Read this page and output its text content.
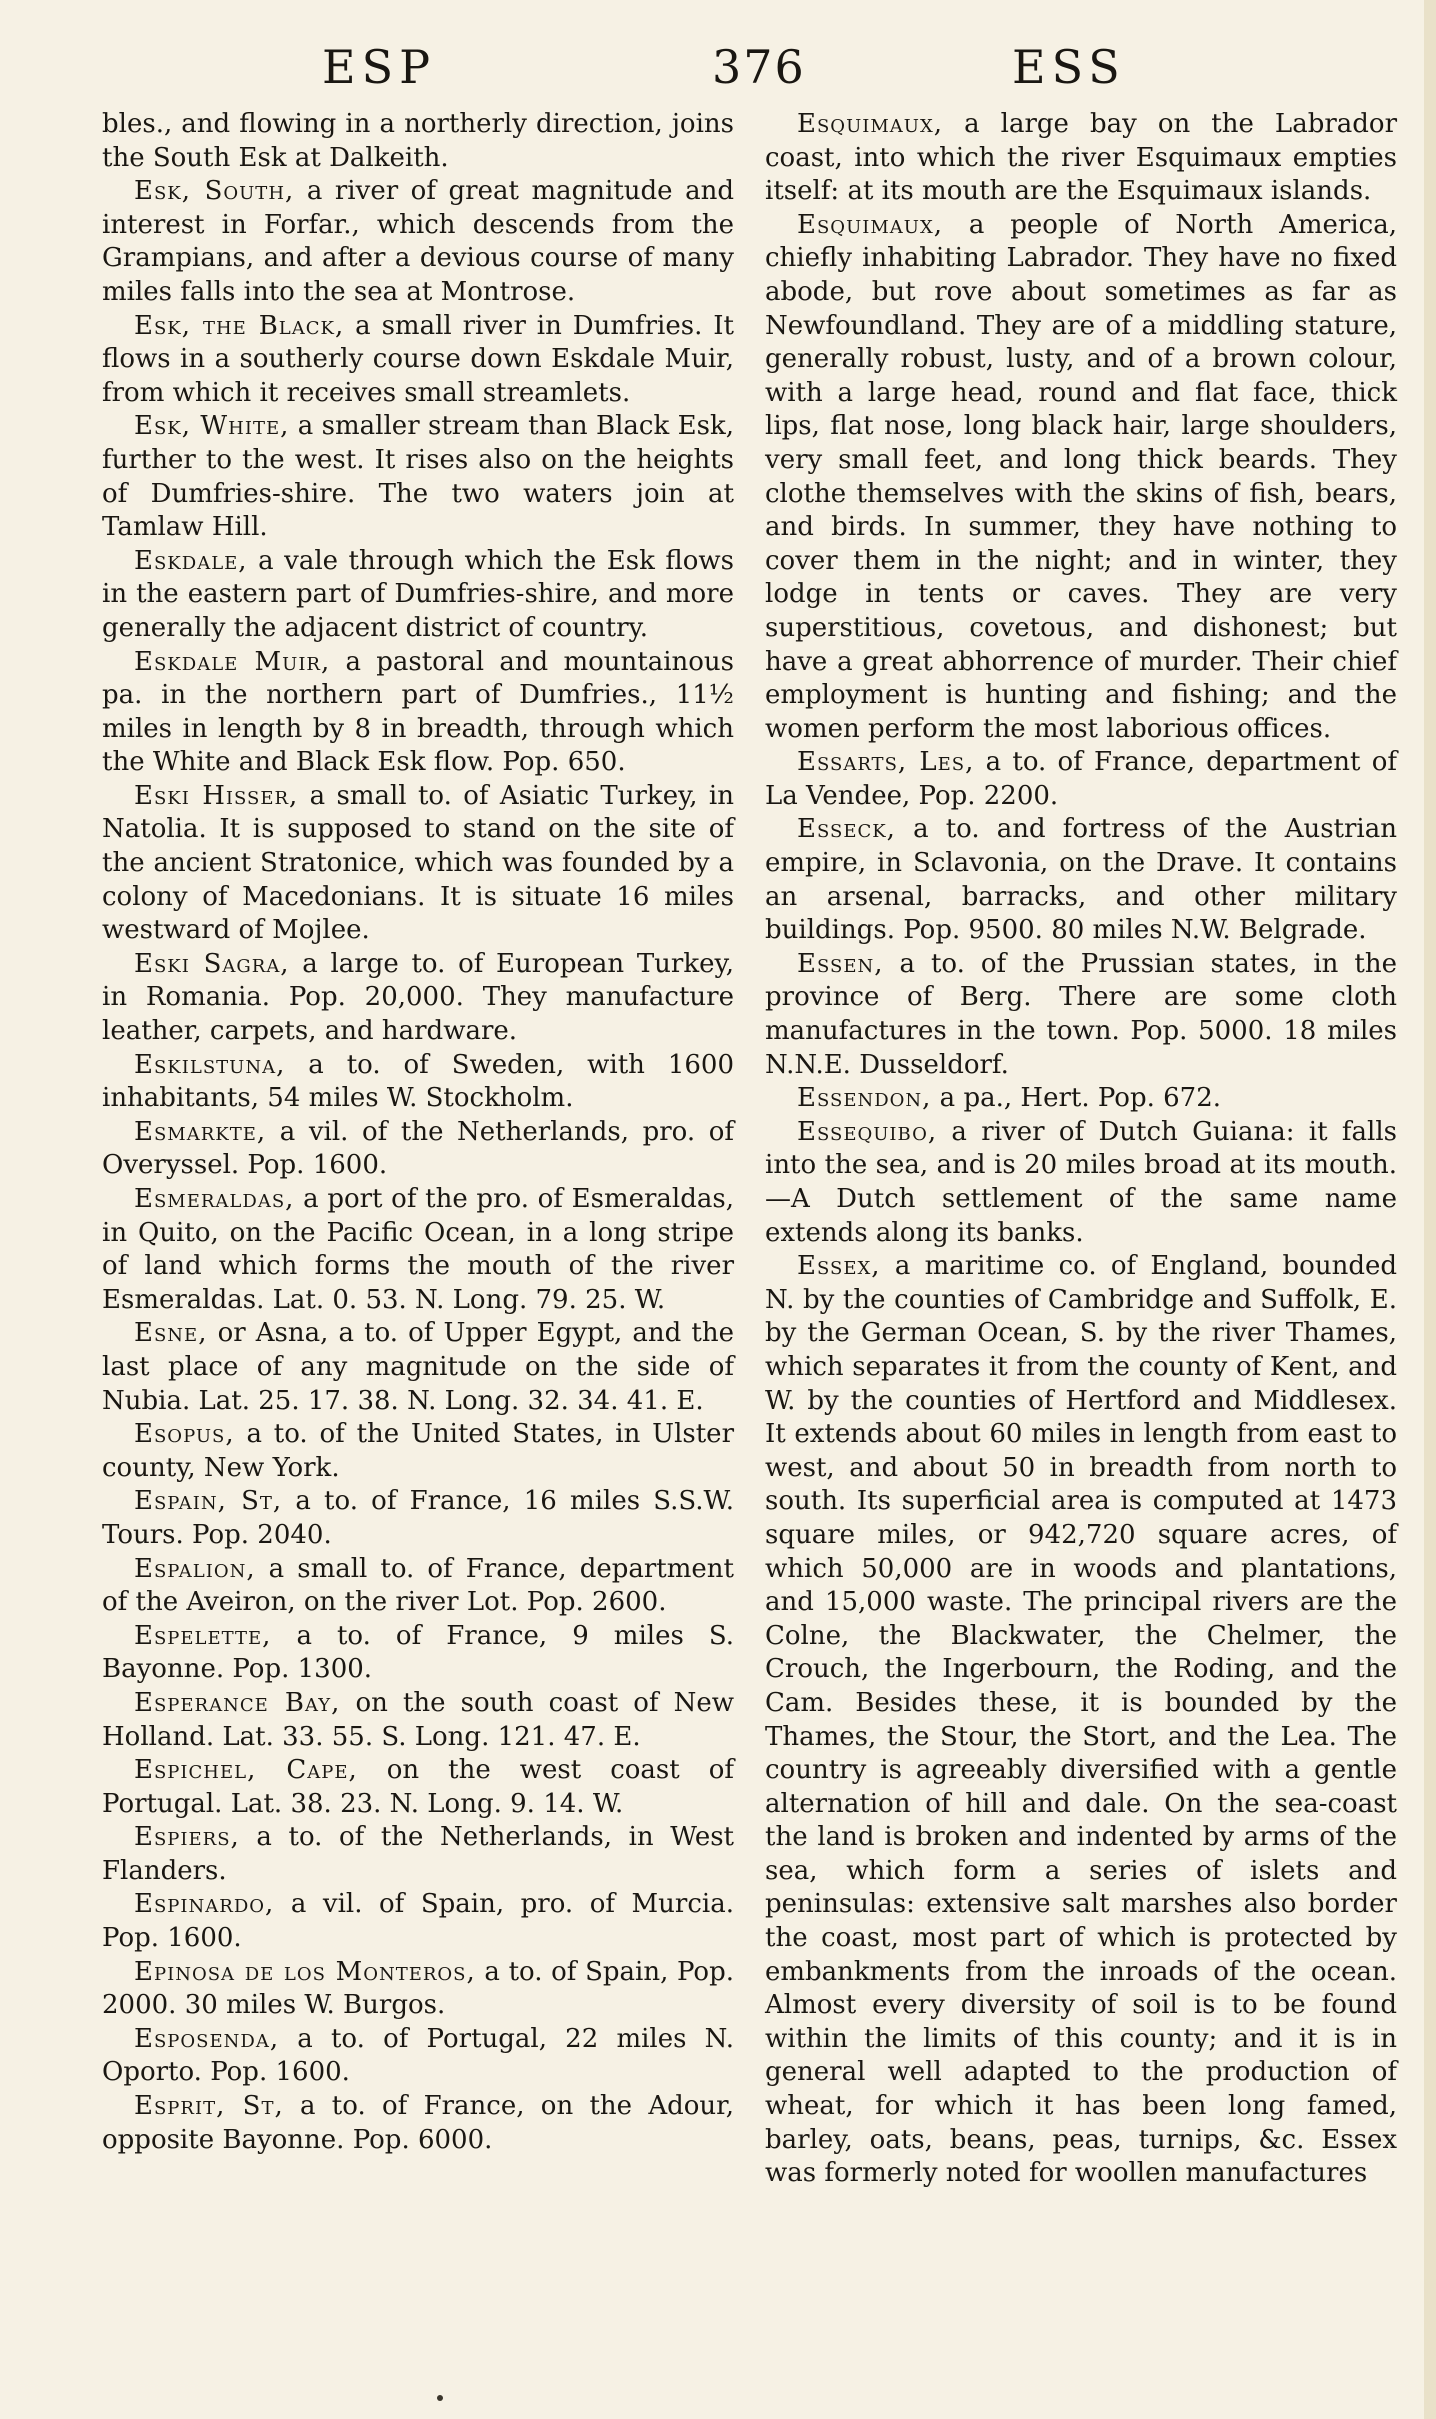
ESP	376	ESS

bles., and flowing in a northerly direction, joins the South Esk at Dalkeith.

Esk, South, a river of great magnitude and interest in Forfar., which descends from the Grampians, and after a devious course of many miles falls into the sea at Montrose.

Esk, the Black, a small river in Dumfries. It flows in a southerly course down Eskdale Muir, from which it receives small streamlets.

Esk, White, a smaller stream than Black Esk, further to the west. It rises also on the heights of Dumfries-shire. The two waters join at Tamlaw Hill.

Eskdale, a vale through which the Esk flows in the eastern part of Dumfries-shire, and more generally the adjacent district of country.

Eskdale Muir, a pastoral and mountainous pa. in the northern part of Dumfries., 11½ miles in length by 8 in breadth, through which the White and Black Esk flow. Pop. 650.

Eski Hisser, a small to. of Asiatic Turkey, in Natolia. It is supposed to stand on the site of the ancient Stratonice, which was founded by a colony of Macedonians. It is situate 16 miles westward of Mojlee.

Eski Sagra, a large to. of European Turkey, in Romania. Pop. 20,000. They manufacture leather, carpets, and hardware.

Eskilstuna, a to. of Sweden, with 1600 inhabitants, 54 miles W. Stockholm.

Esmarkte, a vil. of the Netherlands, pro. of Overyssel. Pop. 1600.

Esmeraldas, a port of the pro. of Esmeraldas, in Quito, on the Pacific Ocean, in a long stripe of land which forms the mouth of the river Esmeraldas. Lat. 0. 53. N. Long. 79. 25. W.

Esne, or Asna, a to. of Upper Egypt, and the last place of any magnitude on the side of Nubia. Lat. 25. 17. 38. N. Long. 32. 34. 41. E.

Esopus, a to. of the United States, in Ulster county, New York.

Espain, St, a to. of France, 16 miles S.S.W. Tours. Pop. 2040.

Espalion, a small to. of France, department of the Aveiron, on the river Lot. Pop. 2600.

Espelette, a to. of France, 9 miles S. Bayonne. Pop. 1300.

Esperance Bay, on the south coast of New Holland. Lat. 33. 55. S. Long. 121. 47. E.

Espichel, Cape, on the west coast of Portugal. Lat. 38. 23. N. Long. 9. 14. W.

Espiers, a to. of the Netherlands, in West Flanders.

Espinardo, a vil. of Spain, pro. of Murcia. Pop. 1600.

Epinosa de los Monteros, a to. of Spain, Pop. 2000. 30 miles W. Burgos.

Esposenda, a to. of Portugal, 22 miles N. Oporto. Pop. 1600.

Esprit, St, a to. of France, on the Adour, opposite Bayonne. Pop. 6000.

Esquimaux, a large bay on the Labrador coast, into which the river Esquimaux empties itself: at its mouth are the Esquimaux islands.

Esquimaux, a people of North America, chiefly inhabiting Labrador. They have no fixed abode, but rove about sometimes as far as Newfoundland. They are of a middling stature, generally robust, lusty, and of a brown colour, with a large head, round and flat face, thick lips, flat nose, long black hair, large shoulders, very small feet, and long thick beards. They clothe themselves with the skins of fish, bears, and birds. In summer, they have nothing to cover them in the night; and in winter, they lodge in tents or caves. They are very superstitious, covetous, and dishonest; but have a great abhorrence of murder. Their chief employment is hunting and fishing; and the women perform the most laborious offices.

Essarts, Les, a to. of France, department of La Vendee, Pop. 2200.

Esseck, a to. and fortress of the Austrian empire, in Sclavonia, on the Drave. It contains an arsenal, barracks, and other military buildings. Pop. 9500. 80 miles N.W. Belgrade.

Essen, a to. of the Prussian states, in the province of Berg. There are some cloth manufactures in the town. Pop. 5000. 18 miles N.N.E. Dusseldorf.

Essendon, a pa., Hert. Pop. 672.

Essequibo, a river of Dutch Guiana: it falls into the sea, and is 20 miles broad at its mouth.—A Dutch settlement of the same name extends along its banks.

Essex, a maritime co. of England, bounded N. by the counties of Cambridge and Suffolk, E. by the German Ocean, S. by the river Thames, which separates it from the county of Kent, and W. by the counties of Hertford and Middlesex. It extends about 60 miles in length from east to west, and about 50 in breadth from north to south. Its superficial area is computed at 1473 square miles, or 942,720 square acres, of which 50,000 are in woods and plantations, and 15,000 waste. The principal rivers are the Colne, the Blackwater, the Chelmer, the Crouch, the Ingerbourn, the Roding, and the Cam. Besides these, it is bounded by the Thames, the Stour, the Stort, and the Lea. The country is agreeably diversified with a gentle alternation of hill and dale. On the sea-coast the land is broken and indented by arms of the sea, which form a series of islets and peninsulas: extensive salt marshes also border the coast, most part of which is protected by embankments from the inroads of the ocean. Almost every diversity of soil is to be found within the limits of this county; and it is in general well adapted to the production of wheat, for which it has been long famed, barley, oats, beans, peas, turnips, &c. Essex was formerly noted for woollen manufactures
